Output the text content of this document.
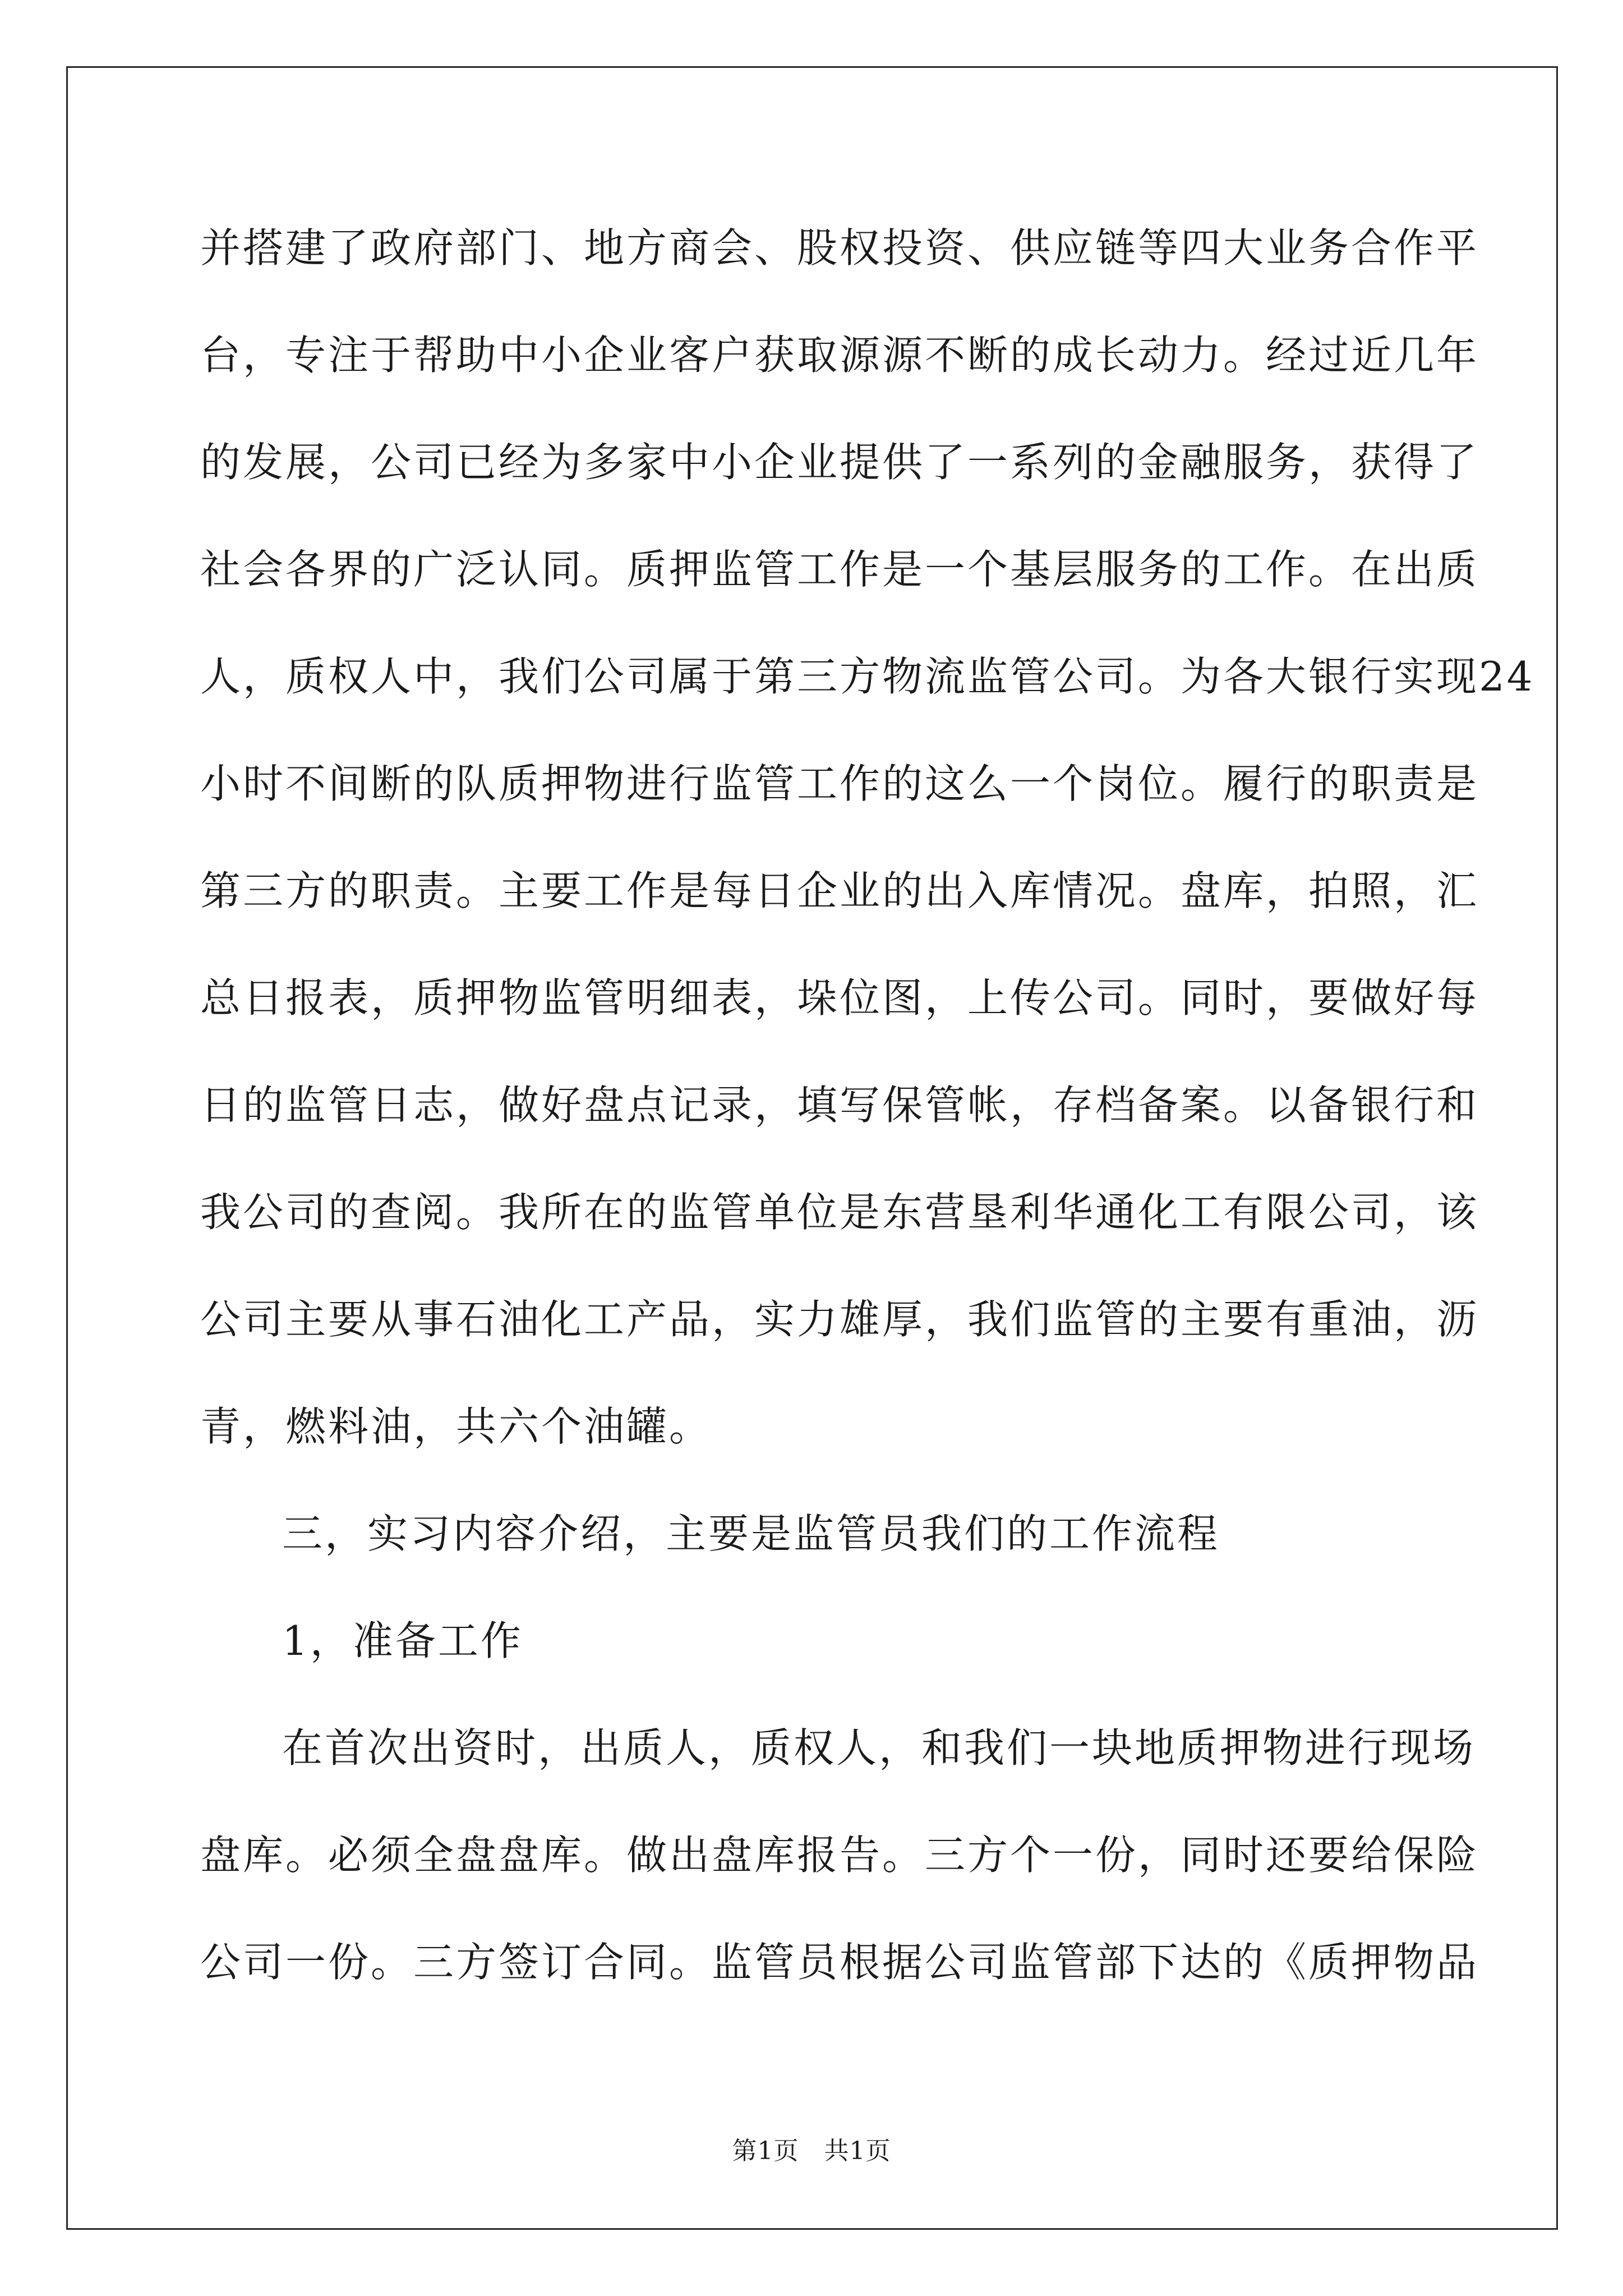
并搭建了政府部门、地方商会、股权投资、供应链等四大业务合作平
台，专注于帮助中小企业客户获取源源不断的成长动力。经过近几年
的发展，公司已经为多家中小企业提供了一系列的金融服务，获得了
社会各界的广泛认同。质押监管工作是一个基层服务的工作。在出质
人，质权人中，我们公司属于第三方物流监管公司。为各大银行实现24
小时不间断的队质押物进行监管工作的这么一个岗位。履行的职责是
第三方的职责。主要工作是每日企业的出入库情况。盘库，拍照，汇
总日报表，质押物监管明细表，垛位图，上传公司。同时，要做好每
日的监管日志，做好盘点记录，填写保管帐，存档备案。以备银行和
我公司的查阅。我所在的监管单位是东营垦利华通化工有限公司，该
公司主要从事石油化工产品，实力雄厚，我们监管的主要有重油，沥
青，燃料油，共六个油罐。
三，实习内容介绍，主要是监管员我们的工作流程
1，准备工作
在首次出资时，出质人，质权人，和我们一块地质押物进行现场
盘库。必须全盘盘库。做出盘库报告。三方个一份，同时还要给保险
公司一份。三方签订合同。监管员根据公司监管部下达的《质押物品
第1页　共1页
